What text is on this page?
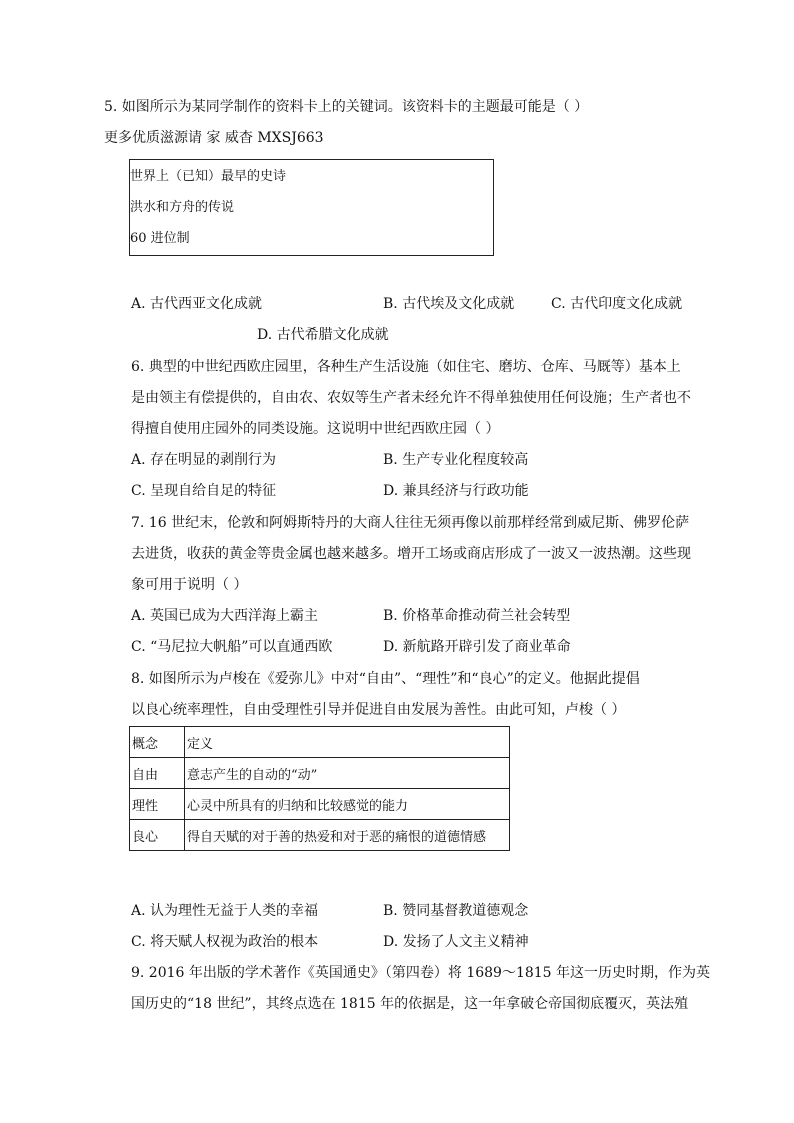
5. 如图所示为某同学制作的资料卡上的关键词。该资料卡的主题最可能是（ ）
更多优质滋源请 家 威杳 MXSJ663
世界上（已知）最早的史诗
洪水和方舟的传说
60 进位制
A. 古代西亚文化成就	B. 古代埃及文化成就	C. 古代印度文化成就
D. 古代希腊文化成就
6. 典型的中世纪西欧庄园里，各种生产生活设施（如住宅、磨坊、仓库、马厩等）基本上
是由领主有偿提供的，自由农、农奴等生产者未经允许不得单独使用任何设施；生产者也不
得擅自使用庄园外的同类设施。这说明中世纪西欧庄园（ ）
A. 存在明显的剥削行为	B. 生产专业化程度较高
C. 呈现自给自足的特征	D. 兼具经济与行政功能
7. 16 世纪末，伦敦和阿姆斯特丹的大商人往往无须再像以前那样经常到威尼斯、佛罗伦萨
去进货，收获的黄金等贵金属也越来越多。增开工场或商店形成了一波又一波热潮。这些现
象可用于说明（ ）
A. 英国已成为大西洋海上霸主	B. 价格革命推动荷兰社会转型
C. “马尼拉大帆船”可以直通西欧	D. 新航路开辟引发了商业革命
8. 如图所示为卢梭在《爱弥儿》中对“自由”、“理性”和“良心”的定义。他据此提倡
以良心统率理性，自由受理性引导并促进自由发展为善性。由此可知，卢梭（ ）
概念	定义
自由	意志产生的自动的“动”
理性	心灵中所具有的归纳和比较感觉的能力
良心	得自天赋的对于善的热爱和对于恶的痛恨的道德情感
A. 认为理性无益于人类的幸福	B. 赞同基督教道德观念
C. 将天赋人权视为政治的根本	D. 发扬了人文主义精神
9. 2016 年出版的学术著作《英国通史》（第四卷）将 1689～1815 年这一历史时期，作为英
国历史的“18 世纪”，其终点选在 1815 年的依据是，这一年拿破仑帝国彻底覆灭，英法殖
